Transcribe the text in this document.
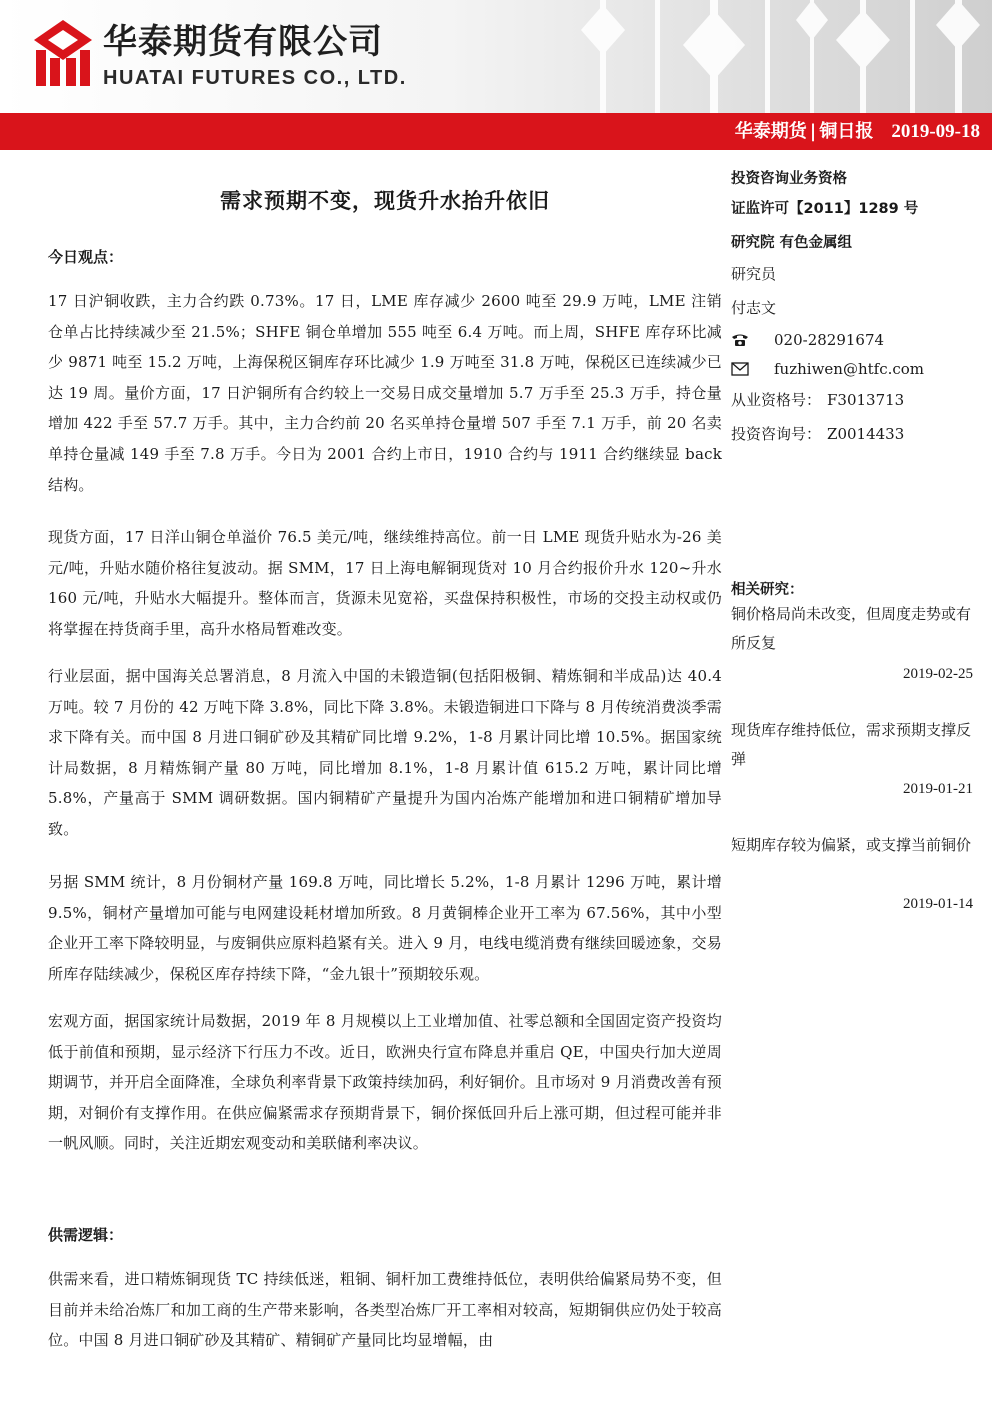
华泰期货有限公司
HUATAI FUTURES CO., LTD.
华泰期货 | 铜日报 2019-09-18
需求预期不变，现货升水抬升依旧
今日观点：

17 日沪铜收跌，主力合约跌 0.73%。17 日，LME 库存减少 2600 吨至 29.9 万吨，LME 注销仓单占比持续减少至 21.5%；SHFE 铜仓单增加 555 吨至 6.4 万吨。而上周，SHFE 库存环比减少 9871 吨至 15.2 万吨，上海保税区铜库存环比减少 1.9 万吨至 31.8 万吨，保税区已连续减少已达 19 周。量价方面，17 日沪铜所有合约较上一交易日成交量增加 5.7 万手至 25.3 万手，持仓量增加 422 手至 57.7 万手。其中，主力合约前 20 名买单持仓量增 507 手至 7.1 万手，前 20 名卖单持仓量减 149 手至 7.8 万手。今日为 2001 合约上市日，1910 合约与 1911 合约继续显 back 结构。

现货方面，17 日洋山铜仓单溢价 76.5 美元/吨，继续维持高位。前一日 LME 现货升贴水为-26 美元/吨，升贴水随价格往复波动。据 SMM，17 日上海电解铜现货对 10 月合约报价升水 120~升水 160 元/吨，升贴水大幅提升。整体而言，货源未见宽裕，买盘保持积极性，市场的交投主动权或仍将掌握在持货商手里，高升水格局暂难改变。

行业层面，据中国海关总署消息，8 月流入中国的未锻造铜(包括阳极铜、精炼铜和半成品)达 40.4 万吨。较 7 月份的 42 万吨下降 3.8%，同比下降 3.8%。未锻造铜进口下降与 8 月传统消费淡季需求下降有关。而中国 8 月进口铜矿砂及其精矿同比增 9.2%，1-8 月累计同比增 10.5%。据国家统计局数据，8 月精炼铜产量 80 万吨，同比增加 8.1%，1-8 月累计值 615.2 万吨，累计同比增 5.8%，产量高于 SMM 调研数据。国内铜精矿产量提升为国内冶炼产能增加和进口铜精矿增加导致。

另据 SMM 统计，8 月份铜材产量 169.8 万吨，同比增长 5.2%，1-8 月累计 1296 万吨，累计增 9.5%，铜材产量增加可能与电网建设耗材增加所致。8 月黄铜棒企业开工率为 67.56%，其中小型企业开工率下降较明显，与废铜供应原料趋紧有关。进入 9 月，电线电缆消费有继续回暖迹象，交易所库存陆续减少，保税区库存持续下降，“金九银十”预期较乐观。

宏观方面，据国家统计局数据，2019 年 8 月规模以上工业增加值、社零总额和全国固定资产投资均低于前值和预期，显示经济下行压力不改。近日，欧洲央行宣布降息并重启 QE，中国央行加大逆周期调节，并开启全面降准，全球负利率背景下政策持续加码，利好铜价。且市场对 9 月消费改善有预期，对铜价有支撑作用。在供应偏紧需求存预期背景下，铜价探低回升后上涨可期，但过程可能并非一帆风顺。同时，关注近期宏观变动和美联储利率决议。

供需逻辑：

供需来看，进口精炼铜现货 TC 持续低迷，粗铜、铜杆加工费维持低位，表明供给偏紧局势不变，但目前并未给冶炼厂和加工商的生产带来影响，各类型冶炼厂开工率相对较高，短期铜供应仍处于较高位。中国 8 月进口铜矿砂及其精矿、精铜矿产量同比均显增幅，由

投资咨询业务资格
证监许可【2011】1289 号
研究院 有色金属组
研究员
付志文
020-28291674
fuzhiwen@htfc.com
从业资格号： F3013713
投资咨询号： Z0014433
相关研究：
铜价格局尚未改变，但周度走势或有所反复
2019-02-25
现货库存维持低位，需求预期支撑反弹
2019-01-21
短期库存较为偏紧，或支撑当前铜价
2019-01-14
